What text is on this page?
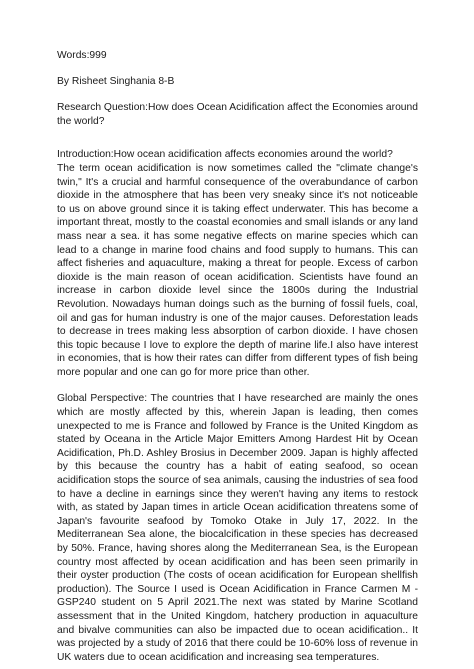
Words:999

By Risheet Singhania 8-B

Research Question:How does Ocean Acidification affect the Economies around the world?

Introduction:How ocean acidification affects economies around the world?

The term ocean acidification is now sometimes called the "climate change's twin," It's a crucial and harmful consequence of the overabundance of carbon dioxide in the atmosphere that has been very sneaky since it's not noticeable to us on above ground since it is taking effect underwater. This has become a important threat, mostly to the coastal economies and small islands or any land mass near a sea. it has some negative effects on marine species which can lead to a change in marine food chains and food supply to humans. This can affect fisheries and aquaculture, making a threat for people. Excess of carbon dioxide is the main reason of ocean acidification. Scientists have found an increase in carbon dioxide level since the 1800s during the Industrial Revolution. Nowadays human doings such as the burning of fossil fuels, coal, oil and gas for human industry is one of the major causes. Deforestation leads to decrease in trees making less absorption of carbon dioxide. I have chosen this topic because I love to explore the depth of marine life.I also have interest in economies, that is how their rates can differ from different types of fish being more popular and one can go for more price than other.

Global Perspective: The countries that I have researched are mainly the ones which are mostly affected by this, wherein Japan is leading, then comes unexpected to me is France and followed by France is the United Kingdom as stated by Oceana in the Article Major Emitters Among Hardest Hit by Ocean Acidification, Ph.D. Ashley Brosius in December 2009. Japan is highly affected by this because the country has a habit of eating seafood, so ocean acidification stops the source of sea animals, causing the industries of sea food to have a decline in earnings since they weren't having any items to restock with, as stated by Japan times in article Ocean acidification threatens some of Japan's favourite seafood by Tomoko Otake in July 17, 2022. In the Mediterranean Sea alone, the biocalcification in these species has decreased by 50%. France, having shores along the Mediterranean Sea, is the European country most affected by ocean acidification and has been seen primarily in their oyster production (The costs of ocean acidification for European shellfish production). The Source I used is Ocean Acidification in France Carmen M - GSP240 student on 5 April 2021.The next was stated by Marine Scotland assessment that in the United Kingdom, hatchery production in aquaculture and bivalve communities can also be impacted due to ocean acidification.. It was projected by a study of 2016 that there could be 10-60% loss of revenue in UK waters due to ocean acidification and increasing sea temperatures.
